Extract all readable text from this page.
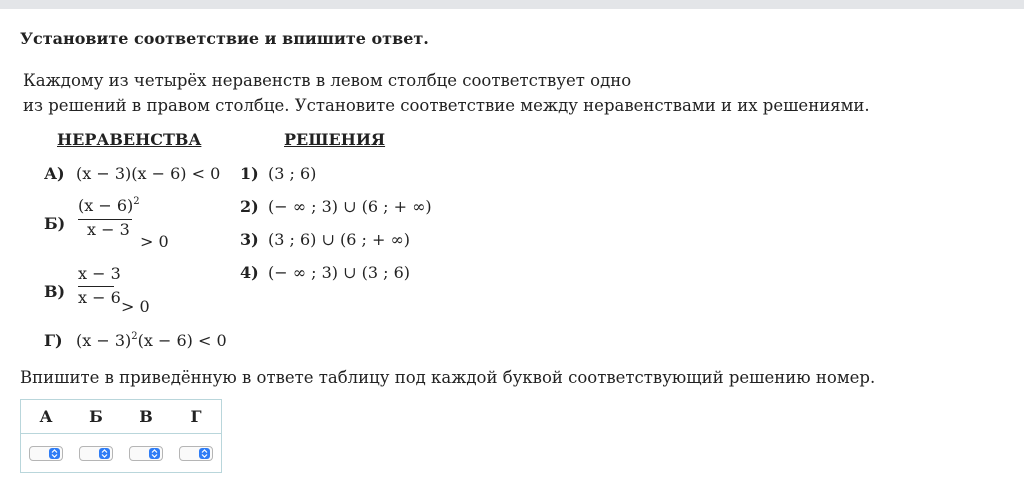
Установите соответствие и впишите ответ.
Каждому из четырёх неравенств в левом столбце соответствует одно
из решений в правом столбце. Установите соответствие между неравенствами и их решениями.
НЕРАВЕНСТВА	РЕШЕНИЯ
А) (x − 3)(x − 6) < 0
Б)
$(x - 6)^2$
x − 3
> 0
В)
x − 3
x − 6 > 0
Г) $(x - 3)^2(x - 6) < 0$
1) (3 ; 6)
2) (− ∞ ; 3) ∪ (6 ; + ∞)
3) (3 ; 6) ∪ (6 ; + ∞)
4) (− ∞ ; 3) ∪ (3 ; 6)
Впишите в приведённую в ответе таблицу под каждой буквой соответствующий решению номер.
А	Б	В	Г
